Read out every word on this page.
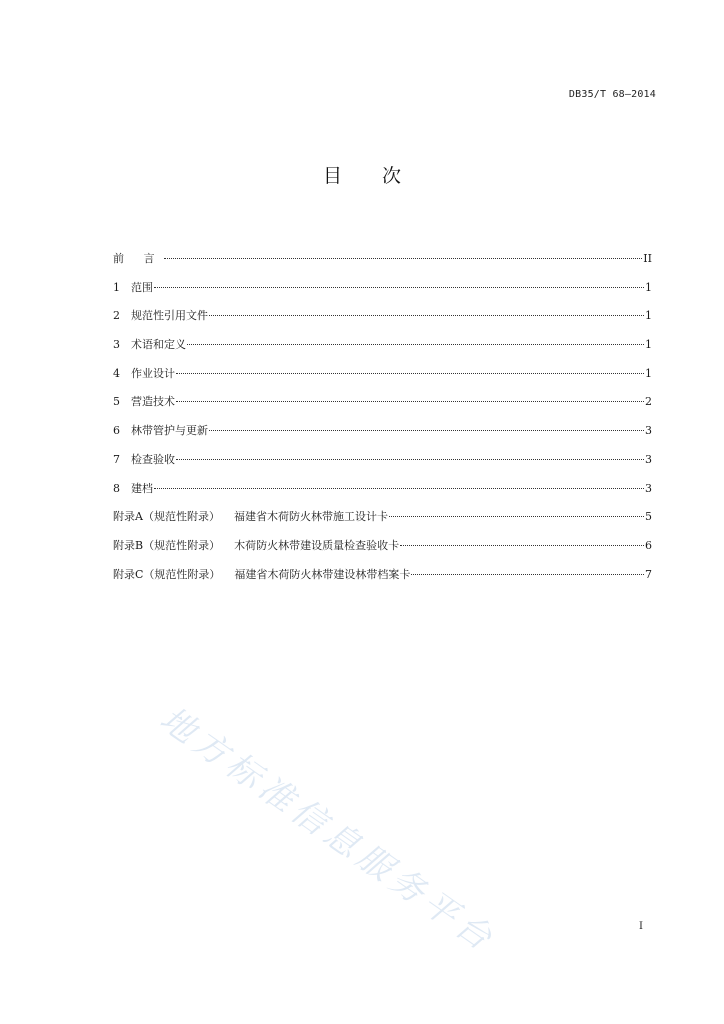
DB35/T 68—2014
目 次
前 言	II
1	范围	1
2	规范性引用文件	1
3	术语和定义	1
4	作业设计	1
5	营造技术	2
6	林带管护与更新	3
7	检查验收	3
8	建档	3
附录A（规范性附录） 福建省木荷防火林带施工设计卡	5
附录B（规范性附录） 木荷防火林带建设质量检查验收卡	6
附录C（规范性附录） 福建省木荷防火林带建设林带档案卡	7
地方标准信息服务平台	I
